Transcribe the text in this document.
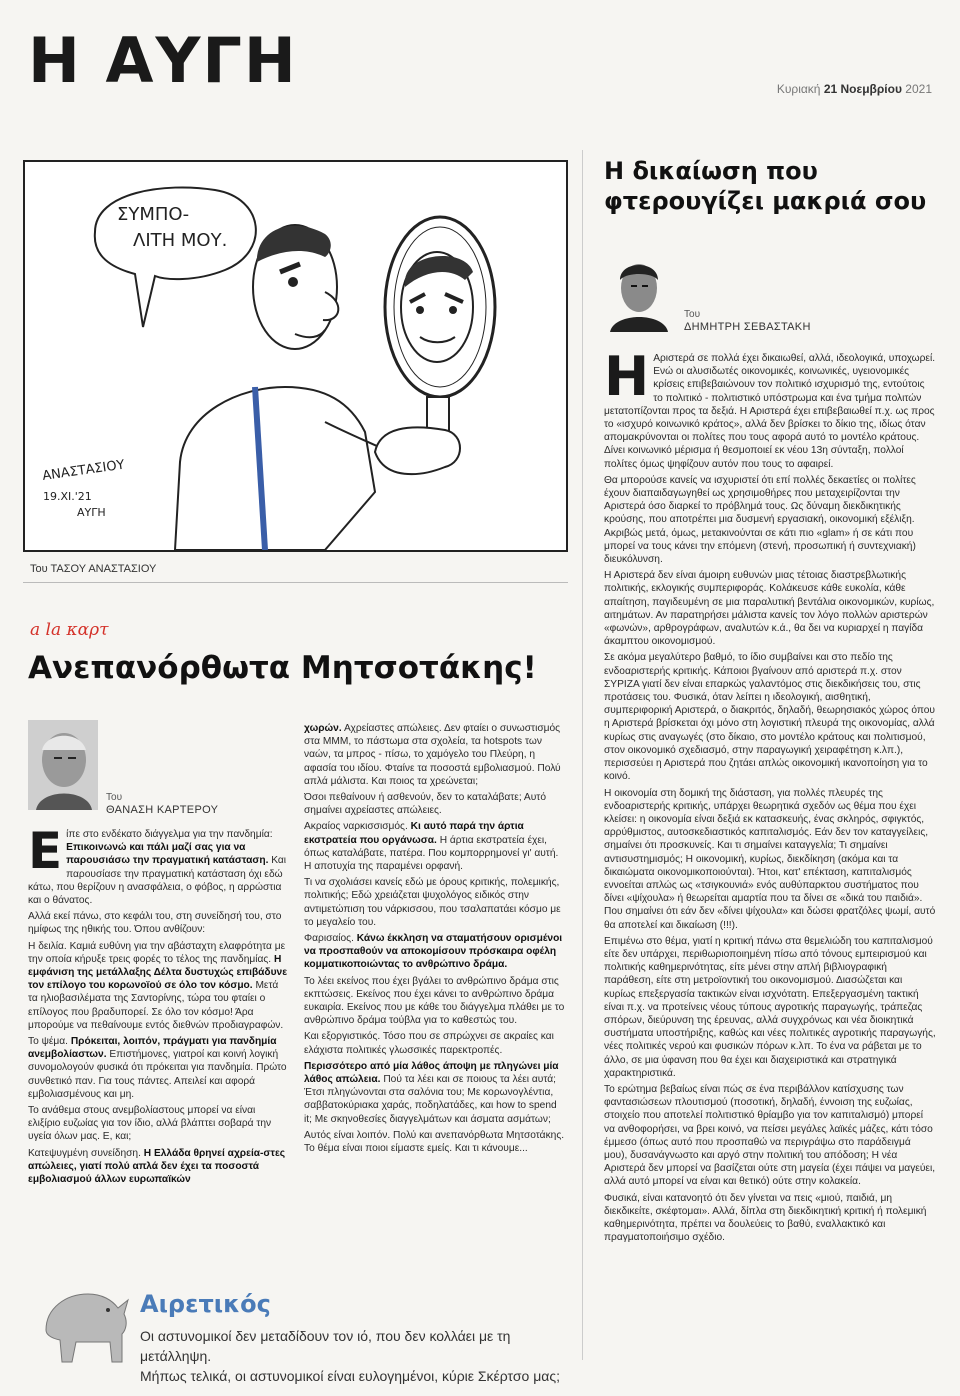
Η ΑΥΓΗ	Κυριακή 21 Νοεμβρίου 2021
ΣΥΜΠΟ-
ΛΙΤΗ ΜΟΥ.
ΑΝΑΣΤΑΣΙΟΥ
19.XI.'21
ΑΥΓΗ
Του ΤΑΣΟΥ ΑΝΑΣΤΑΣΙΟΥ
a la καρτ
Ανεπανόρθωτα Μητσοτάκης!
Του
ΘΑΝΑΣΗ ΚΑΡΤΕΡΟΥ
Ε ίπε στο ενδέκατο διάγγελμα για την πανδημία: Επικοινωνώ και πάλι μαζί σας για να παρουσιάσω την πραγματική κατάσταση. Και παρουσίασε την πραγματική κατάσταση όχι εδώ κάτω, που θερίζουν η ανασφάλεια, ο φόβος, η αρρώστια και ο θάνατος.

Αλλά εκεί πάνω, στο κεφάλι του, στη συνείδησή του, στο ημίφως της ηθικής του. Όπου ανθίζουν:

Η δειλία. Καμιά ευθύνη για την αβάσταχτη ελαφρότητα με την οποία κήρυξε τρεις φορές το τέλος της πανδημίας. Η εμφάνιση της μετάλλαξης Δέλτα δυστυχώς επιβάδυνε τον επίλογο του κορωνοϊού σε όλο τον κόσμο. Μετά τα ηλιοβασιλέματα της Σαντορίνης, τώρα του φταίει ο επίλογος που βραδυπορεί. Σε όλο τον κόσμο! Άρα μπορούμε να πεθαίνουμε εντός διεθνών προδιαγραφών.

Το ψέμα. Πρόκειται, λοιπόν, πράγματι για πανδημία ανεμβολίαστων. Επιστήμονες, γιατροί και κοινή λογική συνομολογούν φυσικά ότι πρόκειται για πανδημία. Πρώτο συνθετικό παν. Για τους πάντες. Απειλεί και αφορά εμβολιασμένους και μη.

Το ανάθεμα στους ανεμβολίαστους μπορεί να είναι ελιξίριο ευζωίας για τον ίδιο, αλλά βλάπτει σοβαρά την υγεία όλων μας. Ε, και;

Κατεψυγμένη συνείδηση. Η Ελλάδα θρηνεί αχρεία-στες απώλειες, γιατί πολύ απλά δεν έχει τα ποσοστά εμβολιασμού άλλων ευρωπαϊκών

χωρών. Αχρείαστες απώλειες. Δεν φταίει ο συνωστισμός στα ΜΜΜ, το πάστωμα στα σχολεία, τα hotspots των ναών, τα μπρος - πίσω, το χαμόγελο του Πλεύρη, η αφασία του ιδίου. Φταίνε τα ποσοστά εμβολιασμού. Πολύ απλά μάλιστα. Και ποιος τα χρεώνεται;

Όσοι πεθαίνουν ή ασθενούν, δεν το καταλάβατε; Αυτό σημαίνει αχρείαστες απώλειες.

Ακραίος ναρκισσισμός. Κι αυτό παρά την άρτια εκστρατεία που οργάνωσα. Η άρτια εκστρατεία έχει, όπως καταλάβατε, πατέρα. Που κομπορρημονεί γι' αυτή. Η αποτυχία της παραμένει ορφανή.

Τι να σχολιάσει κανείς εδώ με όρους κριτικής, πολεμικής, πολιτικής; Εδώ χρειάζεται ψυχολόγος ειδικός στην αντιμετώπιση του νάρκισσου, που τσαλαπατάει κόσμο με το μεγαλείο του.

Φαρισαίος. Κάνω έκκληση να σταματήσουν ορισμένοι να προσπαθούν να αποκομίσουν πρόσκαιρα οφέλη κομματικοποιώντας το ανθρώπινο δράμα.

Το λέει εκείνος που έχει βγάλει το ανθρώπινο δράμα στις εκπτώσεις. Εκείνος που έχει κάνει το ανθρώπινο δράμα ευκαιρία. Εκείνος που με κάθε του διάγγελμα πλάθει με το ανθρώπινο δράμα τούβλα για το καθεστώς του.

Και εξοργιστικός. Τόσο που σε σπρώχνει σε ακραίες και ελάχιστα πολιτικές γλωσσικές παρεκτροπές.

Περισσότερο από μία λάθος άποψη με πληγώνει μία λάθος απώλεια. Πού τα λέει και σε ποιους τα λέει αυτά; Έτσι πληγώνονται στα σαλόνια του; Με κορωνογλέντια, σαββατοκύριακα χαράς, ποδηλατάδες, και how to spend it; Με σκηνοθεσίες διαγγελμάτων και άσματα ασμάτων;

Αυτός είναι λοιπόν. Πολύ και ανεπανόρθωτα Μητσοτάκης. Το θέμα είναι ποιοι είμαστε εμείς. Και τι κάνουμε...

Η δικαίωση που
φτερουγίζει μακριά σου
Του
ΔΗΜΗΤΡΗ ΣΕΒΑΣΤΑΚΗ
Η Αριστερά σε πολλά έχει δικαιωθεί, αλλά, ιδεολογικά, υποχωρεί. Ενώ οι αλυσιδωτές οικονομικές, κοινωνικές, υγειονομικές κρίσεις επιβεβαιώνουν τον πολιτικό ισχυρισμό της, εντούτοις το πολιτικό - πολιτιστικό υπόστρωμα και ένα τμήμα πολιτών μετατοπίζονται προς τα δεξιά. Η Αριστερά έχει επιβεβαιωθεί π.χ. ως προς το «ισχυρό κοινωνικό κράτος», αλλά δεν βρίσκει το δίκιο της, ιδίως όταν απομακρύνονται οι πολίτες που τους αφορά αυτό το μοντέλο κράτους. Δίνει κοινωνικό μέρισμα ή θεσμοποιεί εκ νέου 13η σύνταξη, πολλοί πολίτες όμως ψηφίζουν αυτόν που τους το αφαιρεί.

Θα μπορούσε κανείς να ισχυριστεί ότι επί πολλές δεκαετίες οι πολίτες έχουν διαπαιδαγωγηθεί ως χρησιμοθήρες που μεταχειρίζονται την Αριστερά όσο διαρκεί το πρόβλημά τους. Ως δύναμη διεκδικητικής κρούσης, που αποτρέπει μια δυσμενή εργασιακή, οικονομική εξέλιξη. Ακριβώς μετά, όμως, μετακινούνται σε κάτι πιο «glam» ή σε κάτι που μπορεί να τους κάνει την επόμενη (στενή, προσωπική ή συντεχνιακή) διευκόλυνση.

Η Αριστερά δεν είναι άμοιρη ευθυνών μιας τέτοιας διαστρεβλωτικής πολιτικής, εκλογικής συμπεριφοράς. Κολάκευσε κάθε ευκολία, κάθε απαίτηση, παγιδευμένη σε μια παραλυτική βεντάλια οικονομικών, κυρίως, αιτημάτων. Αν παρατηρήσει μάλιστα κανείς τον λόγο πολλών αριστερών «φωνών», αρθρογράφων, αναλυτών κ.ά., θα δει να κυριαρχεί η παγίδα άκαμπτου οικονομισμού.

Σε ακόμα μεγαλύτερο βαθμό, το ίδιο συμβαίνει και στο πεδίο της ενδοαριστερής κριτικής. Κάποιοι βγαίνουν από αριστερά π.χ. στον ΣΥΡΙΖΑ γιατί δεν είναι επαρκώς γαλαντόμος στις διεκδικήσεις του, στις προτάσεις του. Φυσικά, όταν λείπει η ιδεολογική, αισθητική, συμπεριφορική Αριστερά, ο διακριτός, δηλαδή, θεωρησιακός χώρος όπου η Αριστερά βρίσκεται όχι μόνο στη λογιστική πλευρά της οικονομίας, αλλά κυρίως στις αναγωγές (στο δίκαιο, στο μοντέλο κράτους και πολιτισμού, στον οικονομικό σχεδιασμό, στην παραγωγική χειραφέτηση κ.λπ.), περισσεύει η Αριστερά που ζητάει απλώς οικονομική ικανοποίηση για το κοινό.

Η οικονομία στη δομική της διάσταση, για πολλές πλευρές της ενδοαριστερής κριτικής, υπάρχει θεωρητικά σχεδόν ως θέμα που έχει κλείσει: η οικονομία είναι δεξιά εκ κατασκευής, ένας σκληρός, σφιγκτός, αρρύθμιστος, αυτοσκεδιαστικός καπιταλισμός. Εάν δεν τον καταγγείλεις, σημαίνει ότι προσκυνείς. Και τι σημαίνει καταγγελία; Τι σημαίνει αντισυστημισμός; Η οικονομική, κυρίως, διεκδίκηση (ακόμα και τα δικαιώματα οικονομικοποιούνται). Ήτοι, κατ' επέκταση, καπιταλισμός εννοείται απλώς ως «τσιγκουνιά» ενός αυθύπαρκτου συστήματος που δίνει «ψίχουλα» ή θεωρείται αμαρτία που τα δίνει σε «δικά του παιδιά». Που σημαίνει ότι εάν δεν «δίνει ψίχουλα» και δώσει φρατζόλες ψωμί, αυτό θα αποτελεί και δικαίωση (!!!).

Επιμένω στο θέμα, γιατί η κριτική πάνω στα θεμελιώδη του καπιταλισμού είτε δεν υπάρχει, περιθωριοποιημένη πίσω από τόνους εμπειρισμού και πολιτικής καθημερινότητας, είτε μένει στην απλή βιβλιογραφική παράθεση, είτε στη μετροϊοντική του οικονομισμού. Διασώζεται και κυρίως επεξεργασία τακτικών είναι ισχνότατη. Επεξεργασμένη τακτική είναι π.χ. να προτείνεις νέους τύπους αγροτικής παραγωγής, τράπεζας σπόρων, διεύρυνση της έρευνας, αλλά συγχρόνως και νέα διοικητικά συστήματα υποστήριξης, καθώς και νέες πολιτικές αγροτικής παραγωγής, νέες πολιτικές νερού και φυσικών πόρων κ.λπ. Το ένα να ράβεται με το άλλο, σε μια ύφανση που θα έχει και διαχειριστικά και στρατηγικά χαρακτηριστικά.

Το ερώτημα βεβαίως είναι πώς σε ένα περιβάλλον κατίσχυσης των φαντασιώσεων πλουτισμού (ποσοτική, δηλαδή, έννοιση της ευζωίας, στοιχείο που αποτελεί πολιτιστικό θρίαμβο για τον καπιταλισμό) μπορεί να ανθοφορήσει, να βρει κοινό, να πείσει μεγάλες λαϊκές μάζες, κάτι τόσο έμμεσο (όπως αυτό που προσπαθώ να περιγράψω στο παράδειγμά μου), δυσανάγνωστο και αργό στην πολιτική του απόδοση; Η νέα Αριστερά δεν μπορεί να βασίζεται ούτε στη μαγεία (έχει πάψει να μαγεύει, αλλά αυτό μπορεί να είναι και θετικό) ούτε στην κολακεία.

Φυσικά, είναι κατανοητό ότι δεν γίνεται να πεις «μιού, παιδιά, μη διεκδικείτε, σκέφτομαι». Αλλά, δίπλα στη διεκδικητική κριτική ή πολεμική καθημερινότητα, πρέπει να δουλεύεις το βαθύ, εναλλακτικό και πραγματοποιήσιμο σχέδιο.

Αιρετικός
Οι αστυνομικοί δεν μεταδίδουν τον ιό, που δεν κολλάει με τη μετάλληψη.
Μήπως τελικά, οι αστυνομικοί είναι ευλογημένοι, κύριε Σκέρτσο μας;
